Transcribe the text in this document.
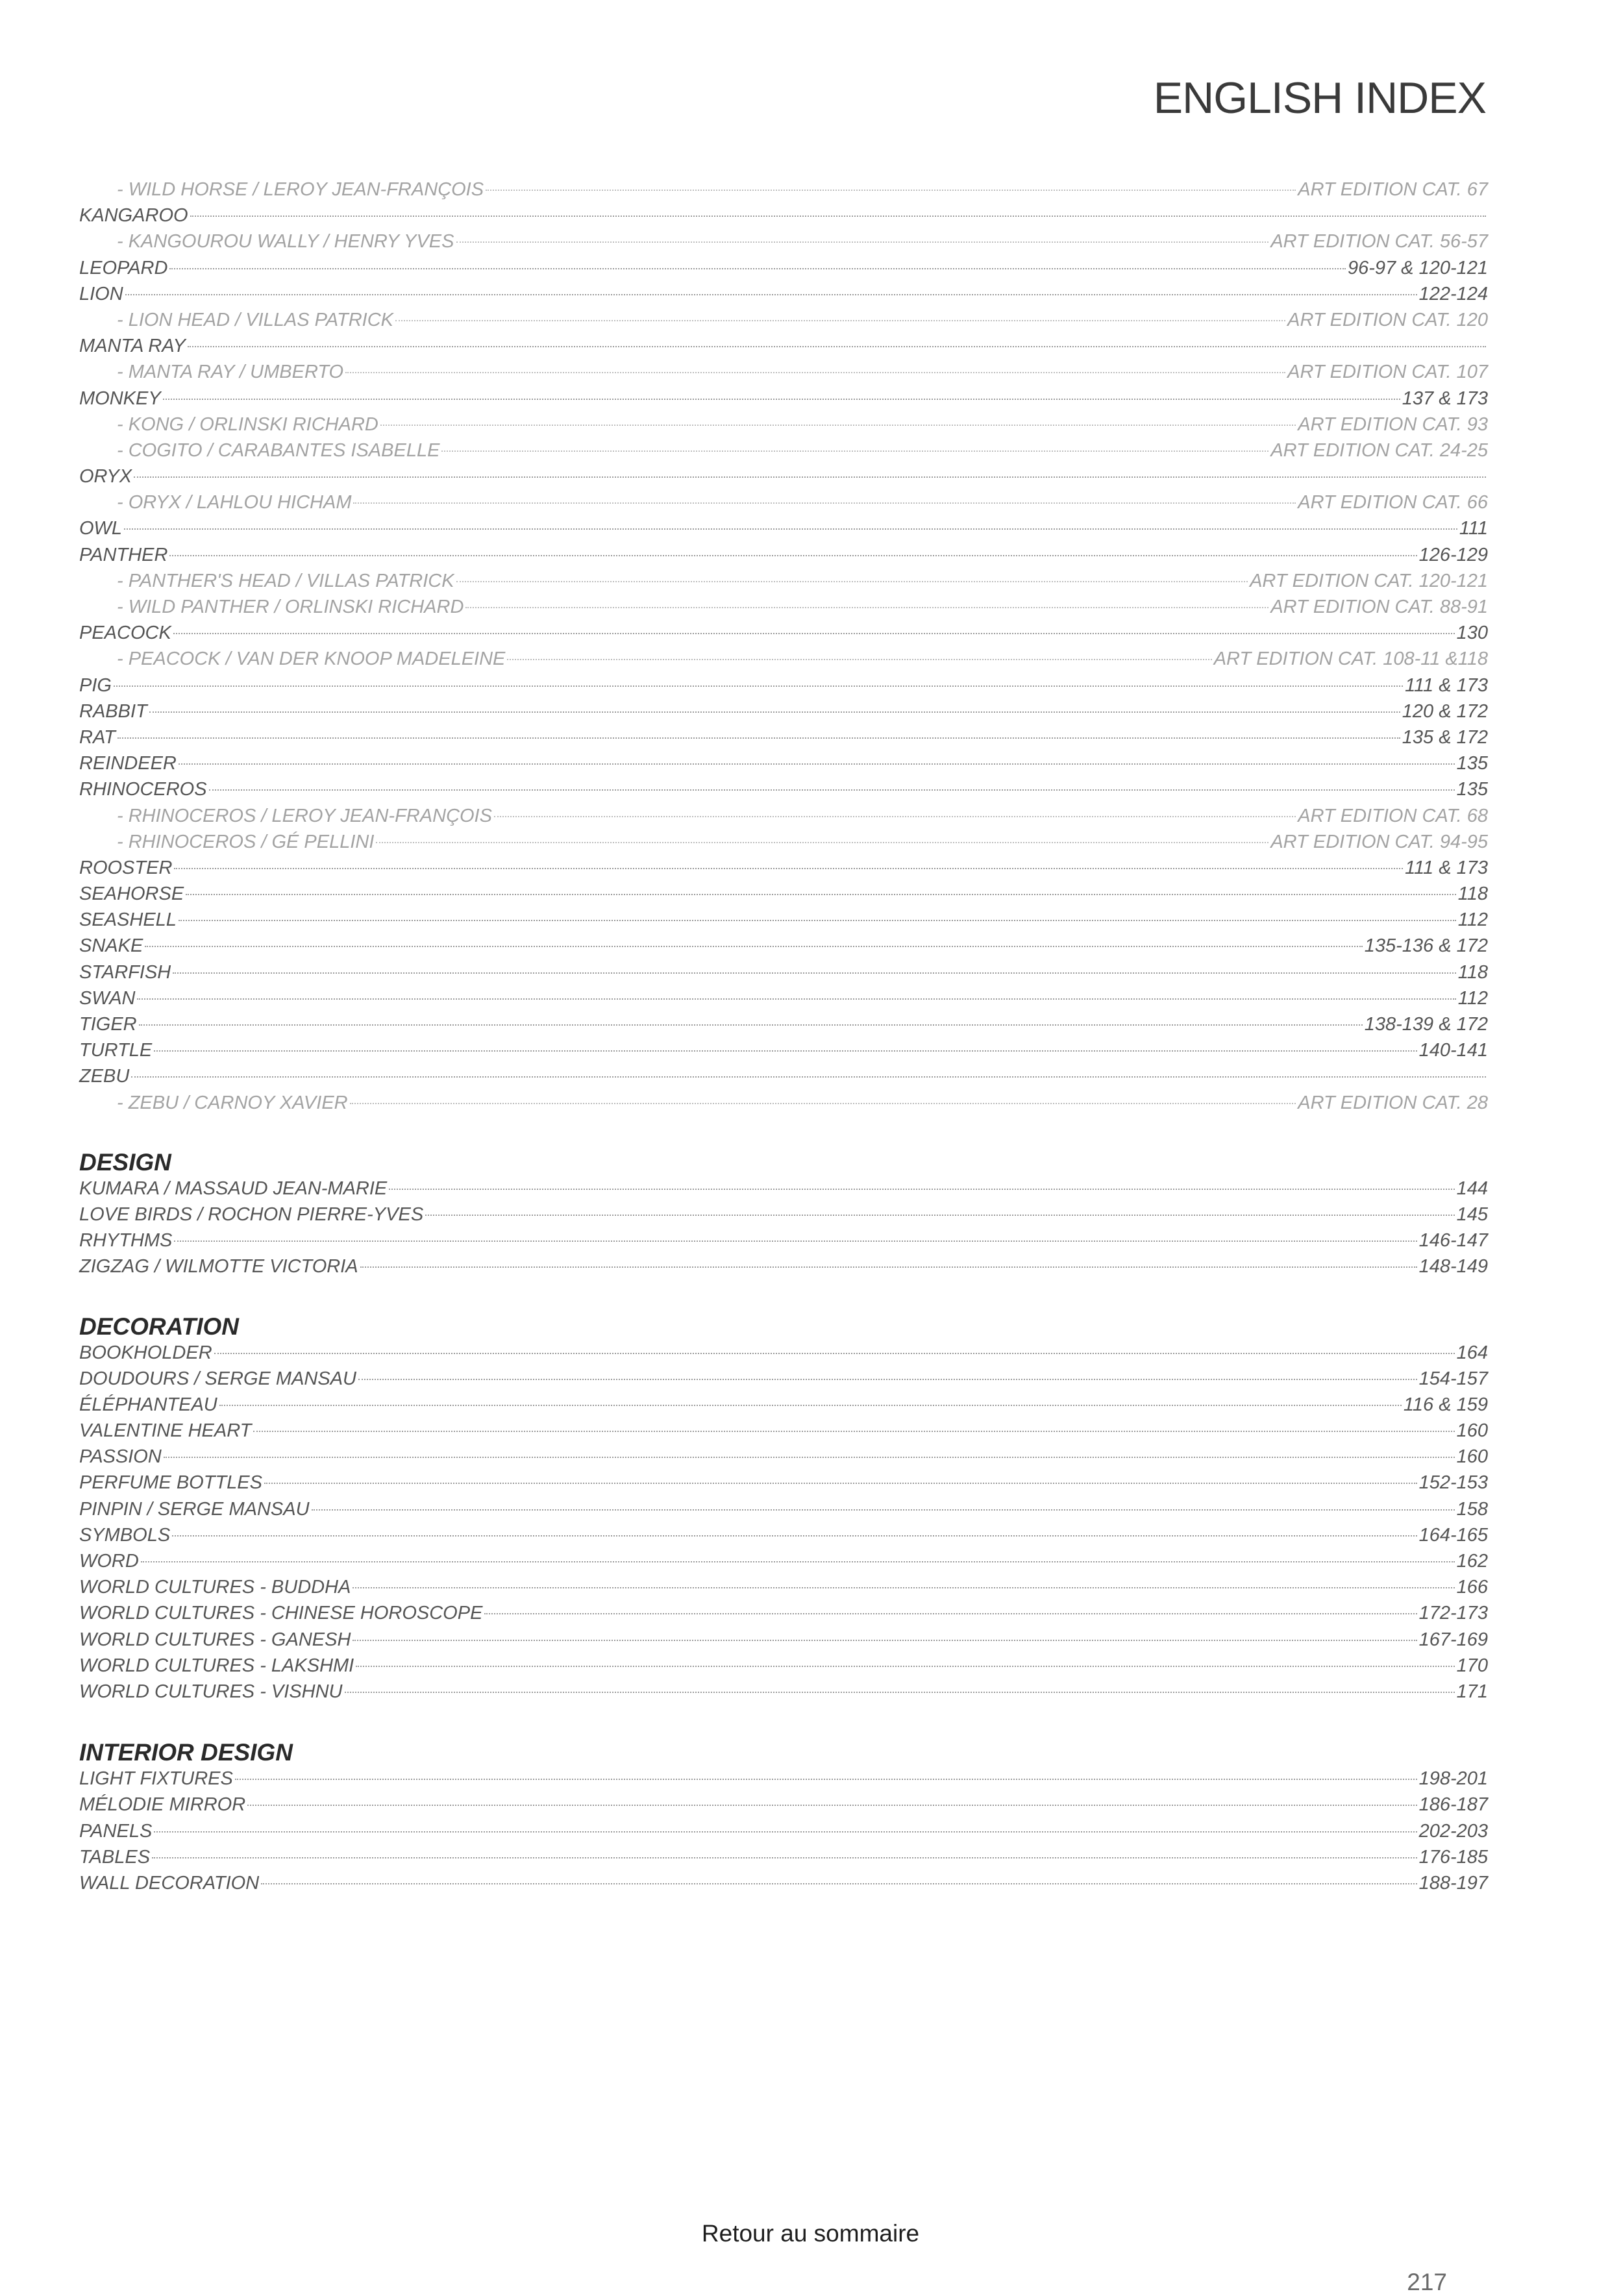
ENGLISH INDEX
- WILD HORSE / LEROY JEAN-FRANÇOIS	ART EDITION CAT. 67
KANGAROO
- KANGOUROU WALLY / HENRY YVES	ART EDITION CAT. 56-57
LEOPARD	96-97 & 120-121
LION	122-124
- LION HEAD / VILLAS PATRICK	ART EDITION CAT. 120
MANTA RAY
- MANTA RAY / UMBERTO	ART EDITION CAT. 107
MONKEY	137 & 173
- KONG / ORLINSKI RICHARD	ART EDITION CAT. 93
- COGITO / CARABANTES ISABELLE	ART EDITION CAT. 24-25
ORYX
- ORYX / LAHLOU HICHAM	ART EDITION CAT. 66
OWL	111
PANTHER	126-129
- PANTHER'S HEAD / VILLAS PATRICK	ART EDITION CAT. 120-121
- WILD PANTHER / ORLINSKI RICHARD	ART EDITION CAT. 88-91
PEACOCK	130
- PEACOCK / VAN DER KNOOP MADELEINE	ART EDITION CAT. 108-11 &118
PIG	111 & 173
RABBIT	120 & 172
RAT	135 & 172
REINDEER	135
RHINOCEROS	135
- RHINOCEROS / LEROY JEAN-FRANÇOIS	ART EDITION CAT. 68
- RHINOCEROS / GÉ PELLINI	ART EDITION CAT. 94-95
ROOSTER	111 & 173
SEAHORSE	118
SEASHELL	112
SNAKE	135-136 & 172
STARFISH	118
SWAN	112
TIGER	138-139 & 172
TURTLE	140-141
ZEBU
- ZEBU / CARNOY XAVIER	ART EDITION CAT. 28
DESIGN
KUMARA / MASSAUD JEAN-MARIE	144
LOVE BIRDS / ROCHON PIERRE-YVES	145
RHYTHMS	146-147
ZIGZAG / WILMOTTE VICTORIA	148-149
DECORATION
BOOKHOLDER	164
DOUDOURS / SERGE MANSAU	154-157
ÉLÉPHANTEAU	116 & 159
VALENTINE HEART	160
PASSION	160
PERFUME BOTTLES	152-153
PINPIN / SERGE MANSAU	158
SYMBOLS	164-165
WORD	162
WORLD CULTURES - BUDDHA	166
WORLD CULTURES - CHINESE HOROSCOPE	172-173
WORLD CULTURES - GANESH	167-169
WORLD CULTURES - LAKSHMI	170
WORLD CULTURES - VISHNU	171
INTERIOR DESIGN
LIGHT FIXTURES	198-201
MÉLODIE MIRROR	186-187
PANELS	202-203
TABLES	176-185
WALL DECORATION	188-197
Retour au sommaire
217
